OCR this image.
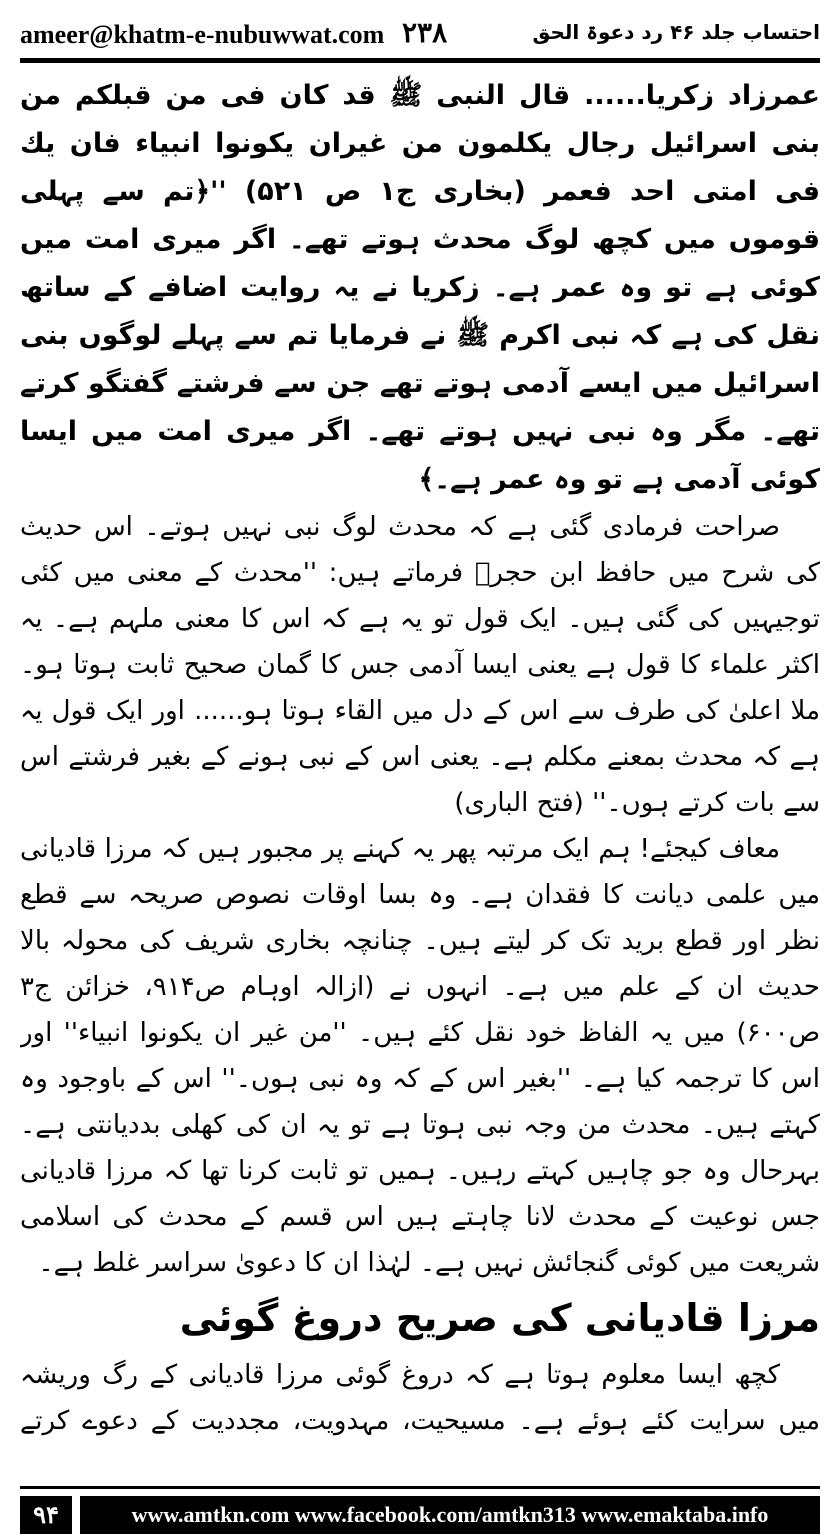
ameer@khatm-e-nubuwwat.com ۲۳۸	احتساب جلد ۴۶ رد دعوۃ الحق

عمرزاد زکریا...... قال النبی ﷺ قد کان فی من قبلکم من بنی اسرائیل رجال یکلمون من غیران یکونوا انبیاء فان یك فی امتی احد فعمر (بخاری ج۱ ص ۵۲۱) ''﴿تم سے پہلی قوموں میں کچھ لوگ محدث ہوتے تھے۔ اگر میری امت میں کوئی ہے تو وہ عمر ہے۔ زکریا نے یہ روایت اضافے کے ساتھ نقل کی ہے کہ نبی اکرم ﷺ نے فرمایا تم سے پہلے لوگوں بنی اسرائیل میں ایسے آدمی ہوتے تھے جن سے فرشتے گفتگو کرتے تھے۔ مگر وہ نبی نہیں ہوتے تھے۔ اگر میری امت میں ایسا کوئی آدمی ہے تو وہ عمر ہے۔﴾

صراحت فرمادی گئی ہے کہ محدث لوگ نبی نہیں ہوتے۔ اس حدیث کی شرح میں حافظ ابن حجرؒ فرماتے ہیں: ''محدث کے معنی میں کئی توجیہیں کی گئی ہیں۔ ایک قول تو یہ ہے کہ اس کا معنی ملہم ہے۔ یہ اکثر علماء کا قول ہے یعنی ایسا آدمی جس کا گمان صحیح ثابت ہوتا ہو۔ ملا اعلیٰ کی طرف سے اس کے دل میں القاء ہوتا ہو...... اور ایک قول یہ ہے کہ محدث بمعنے مکلم ہے۔ یعنی اس کے نبی ہونے کے بغیر فرشتے اس سے بات کرتے ہوں۔'' (فتح الباری)

معاف کیجئے! ہم ایک مرتبہ پھر یہ کہنے پر مجبور ہیں کہ مرزا قادیانی میں علمی دیانت کا فقدان ہے۔ وہ بسا اوقات نصوص صریحہ سے قطع نظر اور قطع برید تک کر لیتے ہیں۔ چنانچہ بخاری شریف کی محولہ بالا حدیث ان کے علم میں ہے۔ انہوں نے (ازالہ اوہام ص۹۱۴، خزائن ج۳ ص۶۰۰) میں یہ الفاظ خود نقل کئے ہیں۔ ''من غیر ان یکونوا انبیاء'' اور اس کا ترجمہ کیا ہے۔ ''بغیر اس کے کہ وہ نبی ہوں۔'' اس کے باوجود وہ کہتے ہیں۔ محدث من وجہ نبی ہوتا ہے تو یہ ان کی کھلی بددیانتی ہے۔ بہرحال وہ جو چاہیں کہتے رہیں۔ ہمیں تو ثابت کرنا تھا کہ مرزا قادیانی جس نوعیت کے محدث لانا چاہتے ہیں اس قسم کے محدث کی اسلامی شریعت میں کوئی گنجائش نہیں ہے۔ لہٰذا ان کا دعویٰ سراسر غلط ہے۔

مرزا قادیانی کی صریح دروغ گوئی

کچھ ایسا معلوم ہوتا ہے کہ دروغ گوئی مرزا قادیانی کے رگ وریشہ میں سرایت کئے ہوئے ہے۔ مسیحیت، مہدویت، مجددیت کے دعوے کرتے

۹۴	www.amtkn.com www.facebook.com/amtkn313 www.emaktaba.info
